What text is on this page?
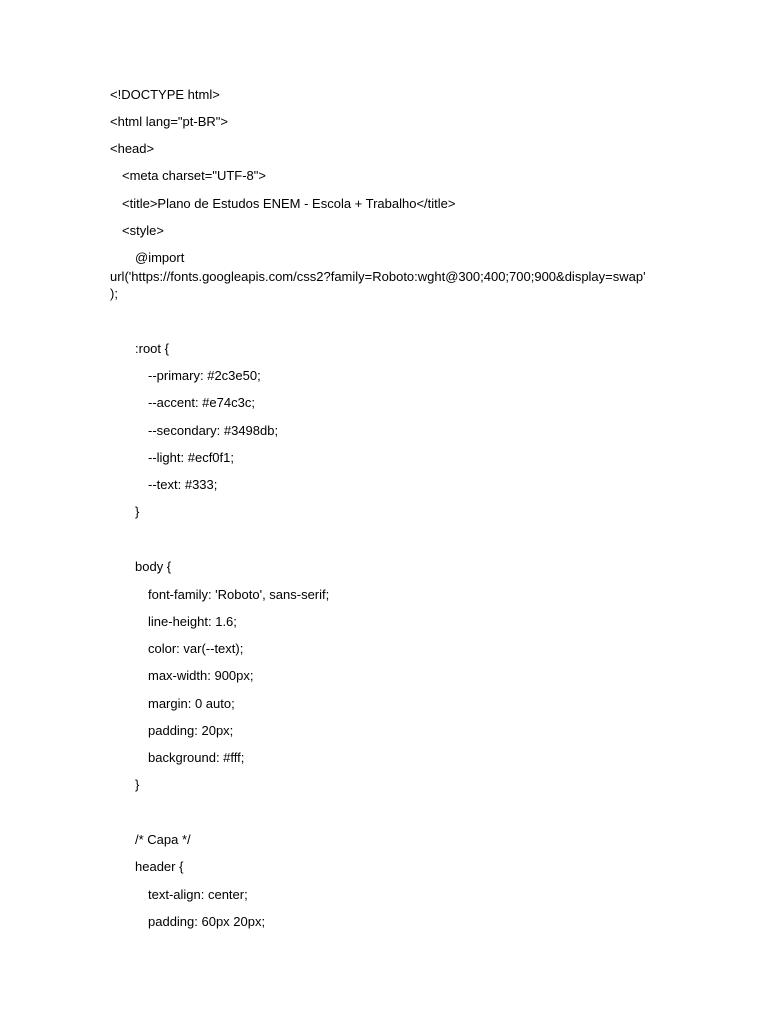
<!DOCTYPE html>

<html lang="pt-BR">

<head>

<meta charset="UTF-8">

<title>Plano de Estudos ENEM - Escola + Trabalho</title>

<style>

@import

url('https://fonts.googleapis.com/css2?family=Roboto:wght@300;400;700;900&display=swap'

);

:root {

--primary: #2c3e50;

--accent: #e74c3c;

--secondary: #3498db;

--light: #ecf0f1;

--text: #333;

}

body {

font-family: 'Roboto', sans-serif;

line-height: 1.6;

color: var(--text);

max-width: 900px;

margin: 0 auto;

padding: 20px;

background: #fff;

}

/* Capa */

header {

text-align: center;

padding: 60px 20px;
